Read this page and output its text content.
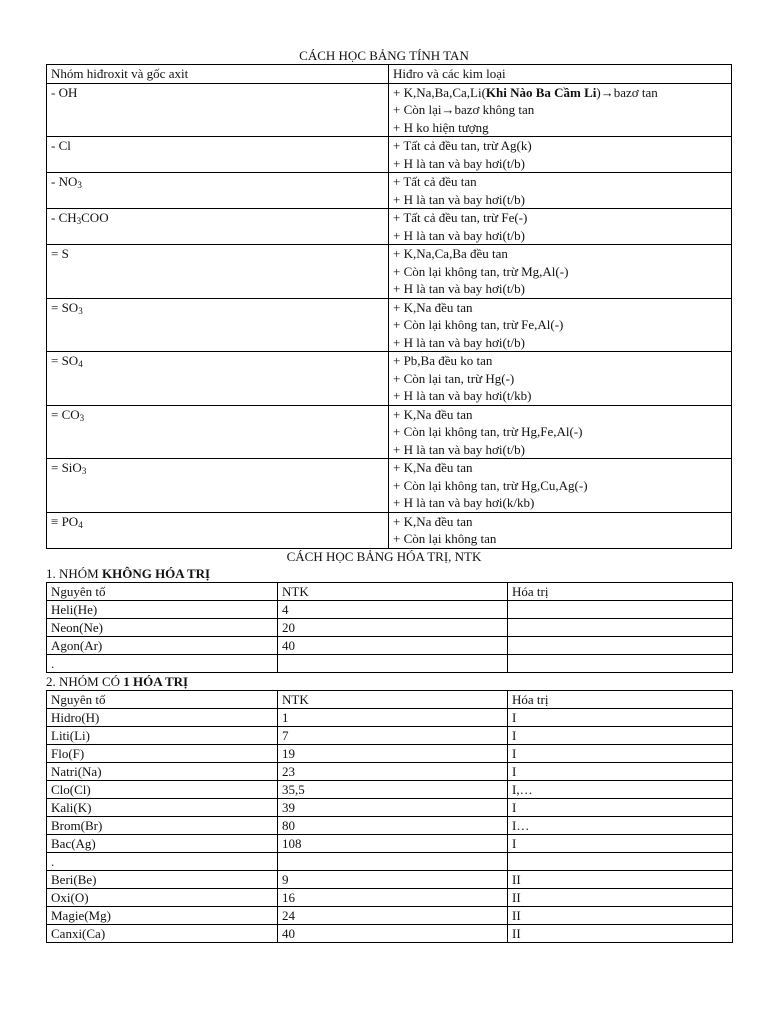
CÁCH HỌC BẢNG TÍNH TAN
Nhóm hiđroxit và gốc axit	Hiđro và các kim loại
- OH	+ K,Na,Ba,Ca,Li(Khi Nào Ba Cầm Li)→bazơ tan
+ Còn lại→bazơ không tan
+ H ko hiện tượng

- Cl	+ Tất cả đều tan, trừ Ag(k)
+ H là tan và bay hơi(t/b)

- $NO_3$	+ Tất cả đều tan
+ H là tan và bay hơi(t/b)

- $CH_3COO$	+ Tất cả đều tan, trừ Fe(-)
+ H là tan và bay hơi(t/b)

= S	+ K,Na,Ca,Ba đều tan
+ Còn lại không tan, trừ Mg,Al(-)
+ H là tan và bay hơi(t/b)

= $SO_3$	+ K,Na đều tan
+ Còn lại không tan, trừ Fe,Al(-)
+ H là tan và bay hơi(t/b)

= $SO_4$	+ Pb,Ba đều ko tan
+ Còn lại tan, trừ Hg(-)
+ H là tan và bay hơi(t/kb)

= $CO_3$	+ K,Na đều tan
+ Còn lại không tan, trừ Hg,Fe,Al(-)
+ H là tan và bay hơi(t/b)

= SiO$_3$	+ K,Na đều tan
+ Còn lại không tan, trừ Hg,Cu,Ag(-)
+ H là tan và bay hơi(k/kb)

≡ $PO_4$	+ K,Na đều tan
+ Còn lại không tan
CÁCH HỌC BẢNG HÓA TRỊ, NTK
1. NHÓM KHÔNG HÓA TRỊ
Nguyên tố	NTK	Hóa trị
Heli(He)	4	
Neon(Ne)	20	
Agon(Ar)	40	
.		
2. NHÓM CÓ 1 HÓA TRỊ
Nguyên tố	NTK	Hóa trị
Hidro(H)	1	I
Liti(Li)	7	I
Flo(F)	19	I
Natri(Na)	23	I
Clo(Cl)	35,5	I,…
Kali(K)	39	I
Brom(Br)	80	I…
Bac(Ag)	108	I
.		
Beri(Be)	9	II
Oxi(O)	16	II
Magie(Mg)	24	II
Canxi(Ca)	40	II
